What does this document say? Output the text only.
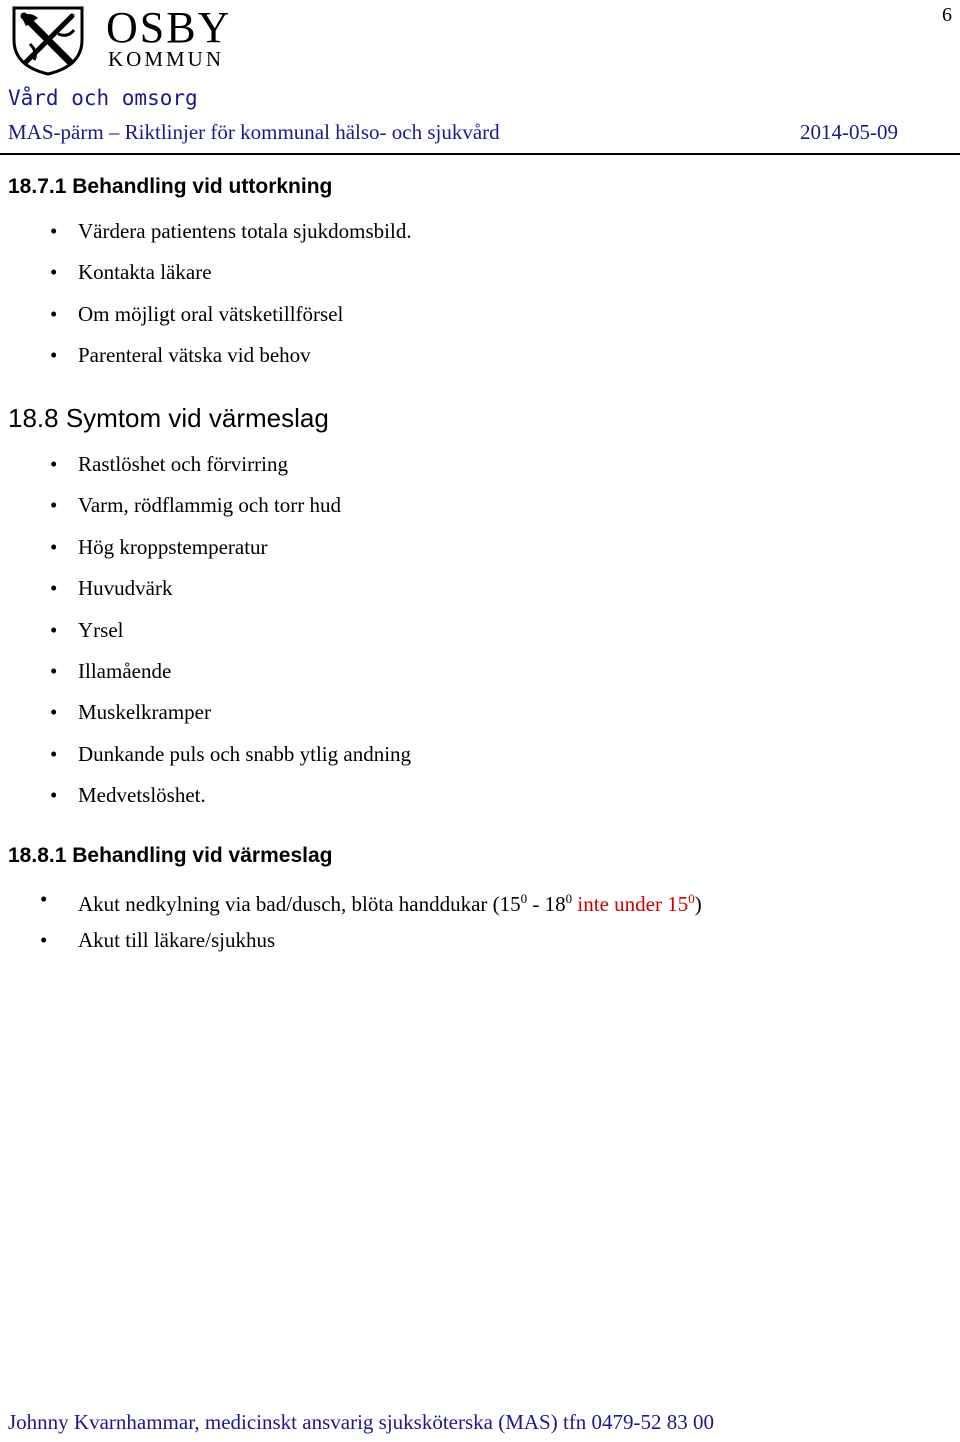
6
OSBY
KOMMUN
Vård och omsorg
MAS-pärm – Riktlinjer för kommunal hälso- och sjukvård	2014-05-09
18.7.1 Behandling vid uttorkning
• Värdera patientens totala sjukdomsbild.
• Kontakta läkare
• Om möjligt oral vätsketillförsel
• Parenteral vätska vid behov
18.8 Symtom vid värmeslag
• Rastlöshet och förvirring
• Varm, rödflammig och torr hud
• Hög kroppstemperatur
• Huvudvärk
• Yrsel
• Illamående
• Muskelkramper
• Dunkande puls och snabb ytlig andning
• Medvetslöshet.
18.8.1 Behandling vid värmeslag
• Akut nedkylning via bad/dusch, blöta handdukar ($15^0 - 18^0$ inte under $15^0$)
• Akut till läkare/sjukhus
Johnny Kvarnhammar, medicinskt ansvarig sjuksköterska (MAS) tfn 0479-52 83 00
